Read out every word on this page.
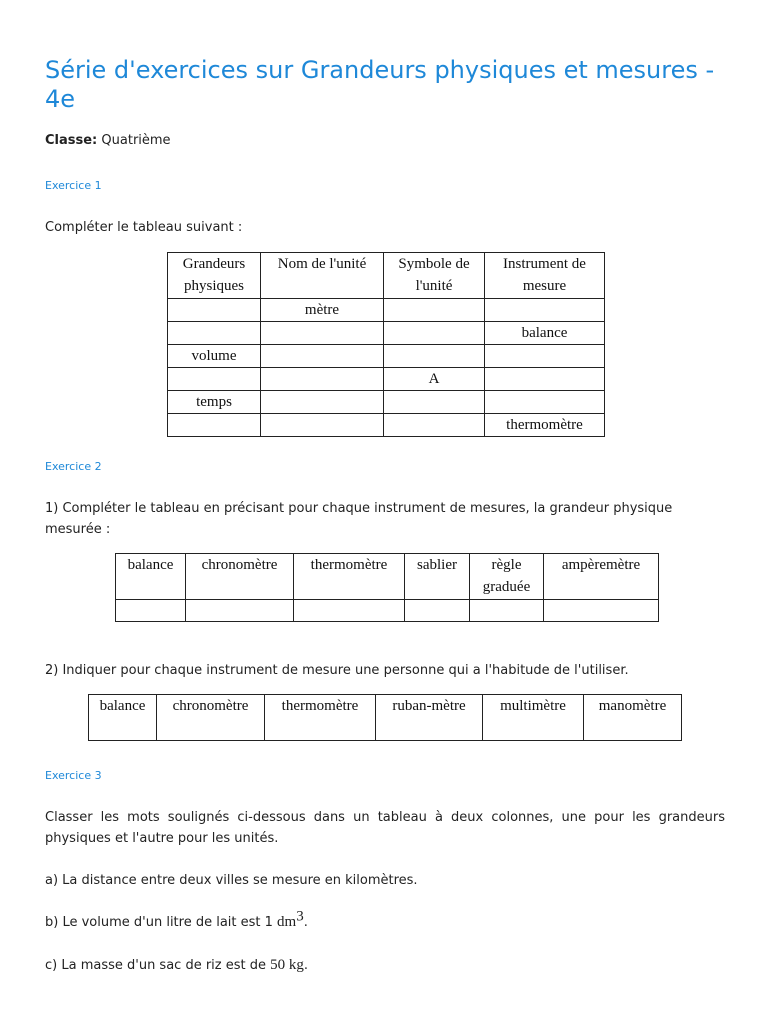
Série d'exercices sur Grandeurs physiques et mesures - 4e
Classe: Quatrième
Exercice 1
Compléter le tableau suivant :
Grandeurs physiques	Nom de l'unité	Symbole de l'unité	Instrument de mesure
	mètre		
			balance
volume			
		A	
temps			
			thermomètre
Exercice 2
1) Compléter le tableau en précisant pour chaque instrument de mesures, la grandeur physique mesurée :
balance	chronomètre	thermomètre	sablier	règle graduée	ampèremètre

2) Indiquer pour chaque instrument de mesure une personne qui a l'habitude de l'utiliser.
balance	chronomètre	thermomètre	ruban-mètre	multimètre	manomètre
Exercice 3
Classer les mots soulignés ci-dessous dans un tableau à deux colonnes, une pour les grandeurs physiques et l'autre pour les unités.
a) La distance entre deux villes se mesure en kilomètres.
b) Le volume d'un litre de lait est 1 $dm^3$.
c) La masse d'un sac de riz est de 50 kg.
